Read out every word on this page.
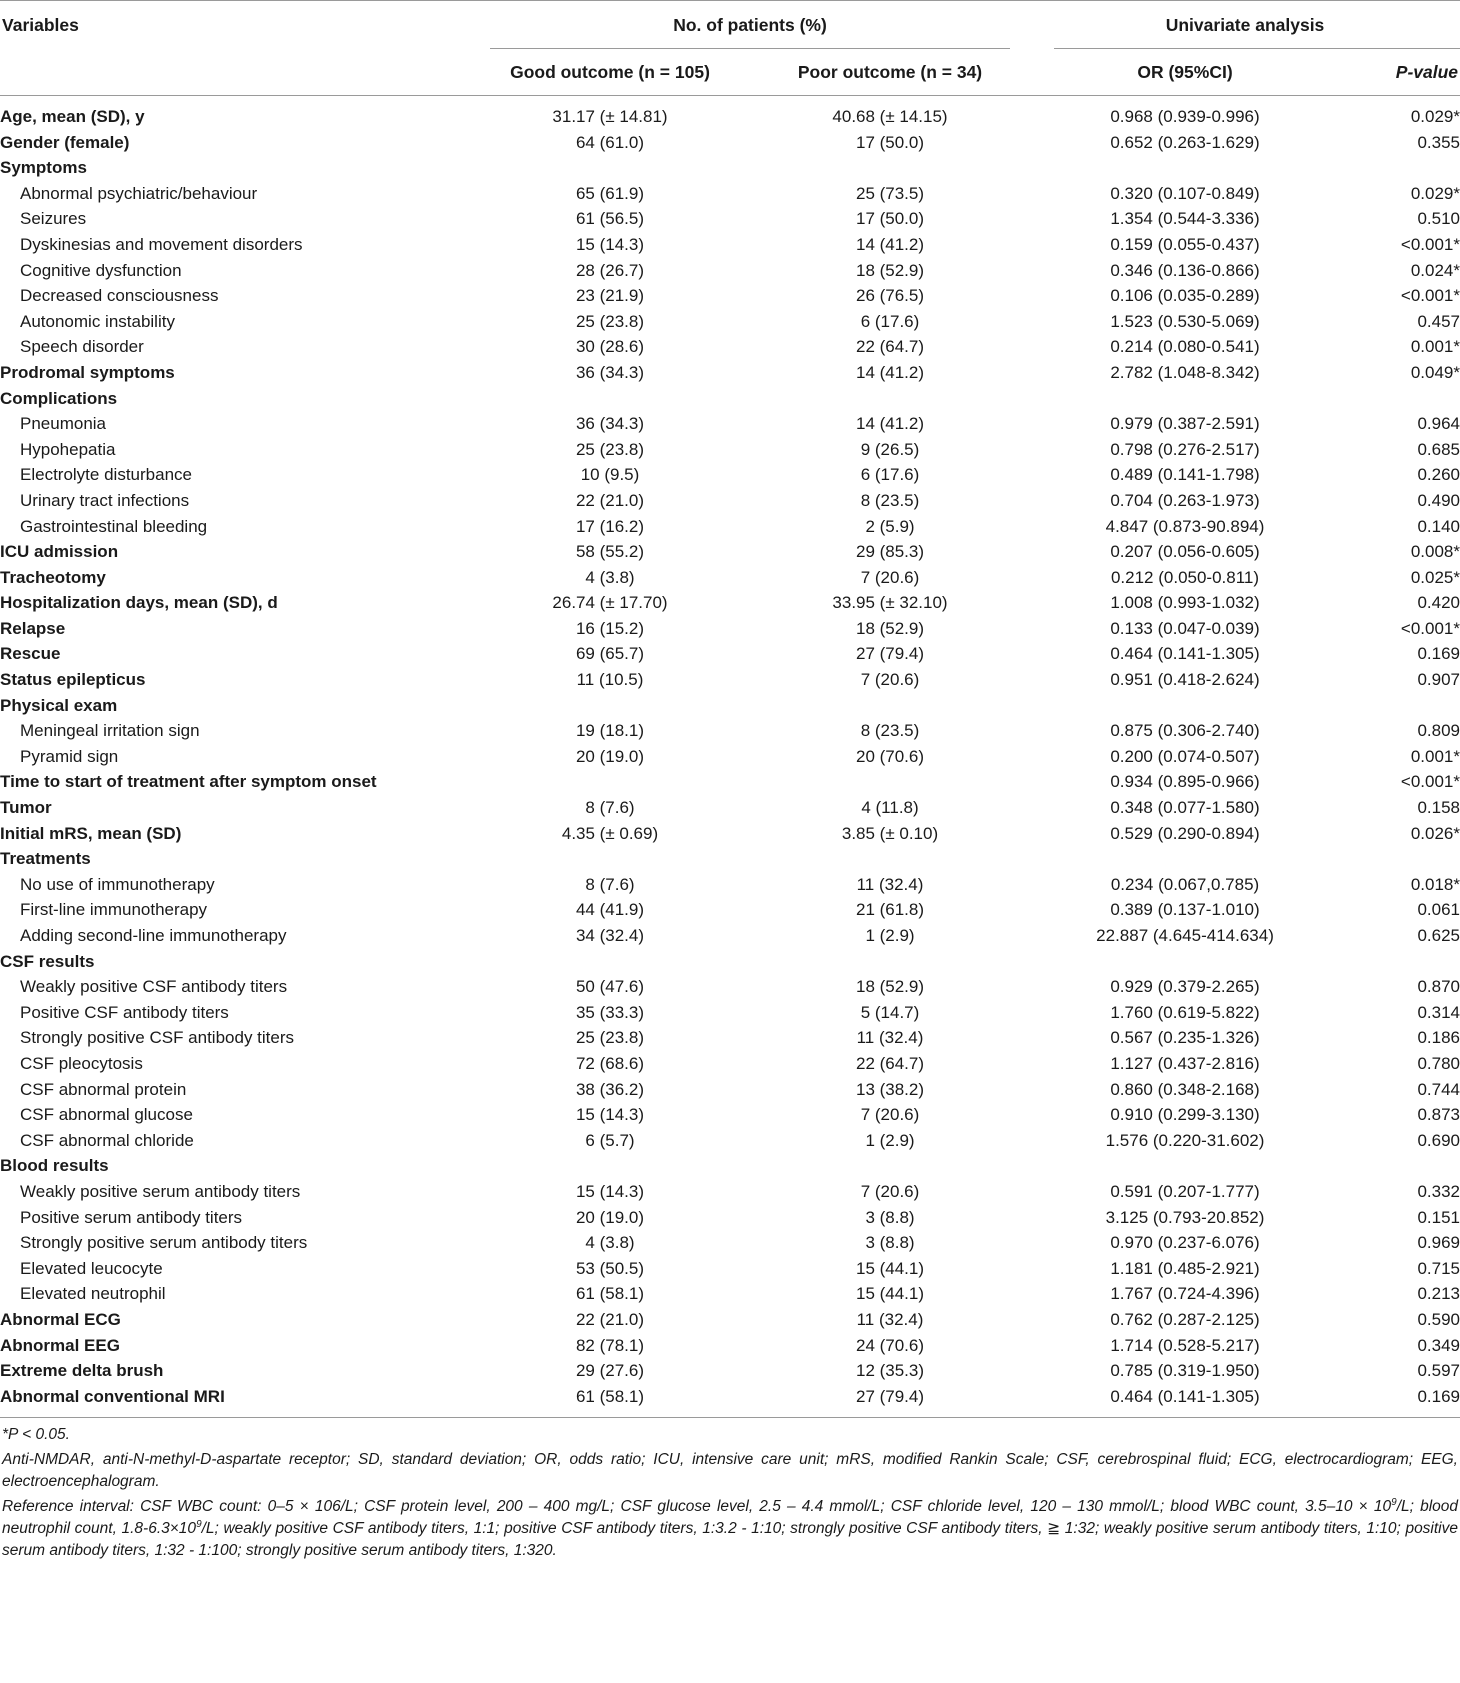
Variables	No. of patients (%)		Univariate analysis	
	Good outcome (n = 105)	Poor outcome (n = 34)	OR (95%CI)	P-value
Age, mean (SD), y	31.17 (± 14.81)	40.68 (± 14.15)	0.968 (0.939-0.996)	0.029*
Gender (female)	64 (61.0)	17 (50.0)	0.652 (0.263-1.629)	0.355
Symptoms				
Abnormal psychiatric/behaviour	65 (61.9)	25 (73.5)	0.320 (0.107-0.849)	0.029*
Seizures	61 (56.5)	17 (50.0)	1.354 (0.544-3.336)	0.510
Dyskinesias and movement disorders	15 (14.3)	14 (41.2)	0.159 (0.055-0.437)	<0.001*
Cognitive dysfunction	28 (26.7)	18 (52.9)	0.346 (0.136-0.866)	0.024*
Decreased consciousness	23 (21.9)	26 (76.5)	0.106 (0.035-0.289)	<0.001*
Autonomic instability	25 (23.8)	6 (17.6)	1.523 (0.530-5.069)	0.457
Speech disorder	30 (28.6)	22 (64.7)	0.214 (0.080-0.541)	0.001*
Prodromal symptoms	36 (34.3)	14 (41.2)	2.782 (1.048-8.342)	0.049*
Complications				
Pneumonia	36 (34.3)	14 (41.2)	0.979 (0.387-2.591)	0.964
Hypohepatia	25 (23.8)	9 (26.5)	0.798 (0.276-2.517)	0.685
Electrolyte disturbance	10 (9.5)	6 (17.6)	0.489 (0.141-1.798)	0.260
Urinary tract infections	22 (21.0)	8 (23.5)	0.704 (0.263-1.973)	0.490
Gastrointestinal bleeding	17 (16.2)	2 (5.9)	4.847 (0.873-90.894)	0.140
ICU admission	58 (55.2)	29 (85.3)	0.207 (0.056-0.605)	0.008*
Tracheotomy	4 (3.8)	7 (20.6)	0.212 (0.050-0.811)	0.025*
Hospitalization days, mean (SD), d	26.74 (± 17.70)	33.95 (± 32.10)	1.008 (0.993-1.032)	0.420
Relapse	16 (15.2)	18 (52.9)	0.133 (0.047-0.039)	<0.001*
Rescue	69 (65.7)	27 (79.4)	0.464 (0.141-1.305)	0.169
Status epilepticus	11 (10.5)	7 (20.6)	0.951 (0.418-2.624)	0.907
Physical exam				
Meningeal irritation sign	19 (18.1)	8 (23.5)	0.875 (0.306-2.740)	0.809
Pyramid sign	20 (19.0)	20 (70.6)	0.200 (0.074-0.507)	0.001*
Time to start of treatment after symptom onset			0.934 (0.895-0.966)	<0.001*
Tumor	8 (7.6)	4 (11.8)	0.348 (0.077-1.580)	0.158
Initial mRS, mean (SD)	4.35 (± 0.69)	3.85 (± 0.10)	0.529 (0.290-0.894)	0.026*
Treatments				
No use of immunotherapy	8 (7.6)	11 (32.4)	0.234 (0.067,0.785)	0.018*
First-line immunotherapy	44 (41.9)	21 (61.8)	0.389 (0.137-1.010)	0.061
Adding second-line immunotherapy	34 (32.4)	1 (2.9)	22.887 (4.645-414.634)	0.625
CSF results				
Weakly positive CSF antibody titers	50 (47.6)	18 (52.9)	0.929 (0.379-2.265)	0.870
Positive CSF antibody titers	35 (33.3)	5 (14.7)	1.760 (0.619-5.822)	0.314
Strongly positive CSF antibody titers	25 (23.8)	11 (32.4)	0.567 (0.235-1.326)	0.186
CSF pleocytosis	72 (68.6)	22 (64.7)	1.127 (0.437-2.816)	0.780
CSF abnormal protein	38 (36.2)	13 (38.2)	0.860 (0.348-2.168)	0.744
CSF abnormal glucose	15 (14.3)	7 (20.6)	0.910 (0.299-3.130)	0.873
CSF abnormal chloride	6 (5.7)	1 (2.9)	1.576 (0.220-31.602)	0.690
Blood results				
Weakly positive serum antibody titers	15 (14.3)	7 (20.6)	0.591 (0.207-1.777)	0.332
Positive serum antibody titers	20 (19.0)	3 (8.8)	3.125 (0.793-20.852)	0.151
Strongly positive serum antibody titers	4 (3.8)	3 (8.8)	0.970 (0.237-6.076)	0.969
Elevated leucocyte	53 (50.5)	15 (44.1)	1.181 (0.485-2.921)	0.715
Elevated neutrophil	61 (58.1)	15 (44.1)	1.767 (0.724-4.396)	0.213
Abnormal ECG	22 (21.0)	11 (32.4)	0.762 (0.287-2.125)	0.590
Abnormal EEG	82 (78.1)	24 (70.6)	1.714 (0.528-5.217)	0.349
Extreme delta brush	29 (27.6)	12 (35.3)	0.785 (0.319-1.950)	0.597
Abnormal conventional MRI	61 (58.1)	27 (79.4)	0.464 (0.141-1.305)	0.169

*P < 0.05.

Anti-NMDAR, anti-N-methyl-D-aspartate receptor; SD, standard deviation; OR, odds ratio; ICU, intensive care unit; mRS, modified Rankin Scale; CSF, cerebrospinal fluid; ECG, electrocardiogram; EEG, electroencephalogram.

Reference interval: CSF WBC count: 0–5 × 106/L; CSF protein level, 200 – 400 mg/L; CSF glucose level, 2.5 – 4.4 mmol/L; CSF chloride level, 120 – 130 mmol/L; blood WBC count, $3.5-10 \times 10^9/L$; blood neutrophil count, $1.8-6.3\times 10^9/L$; weakly positive CSF antibody titers, 1:1; positive CSF antibody titers, 1:3.2 - 1:10; strongly positive CSF antibody titers, ≧ 1:32; weakly positive serum antibody titers, 1:10; positive serum antibody titers, 1:32 - 1:100; strongly positive serum antibody titers, 1:320.
